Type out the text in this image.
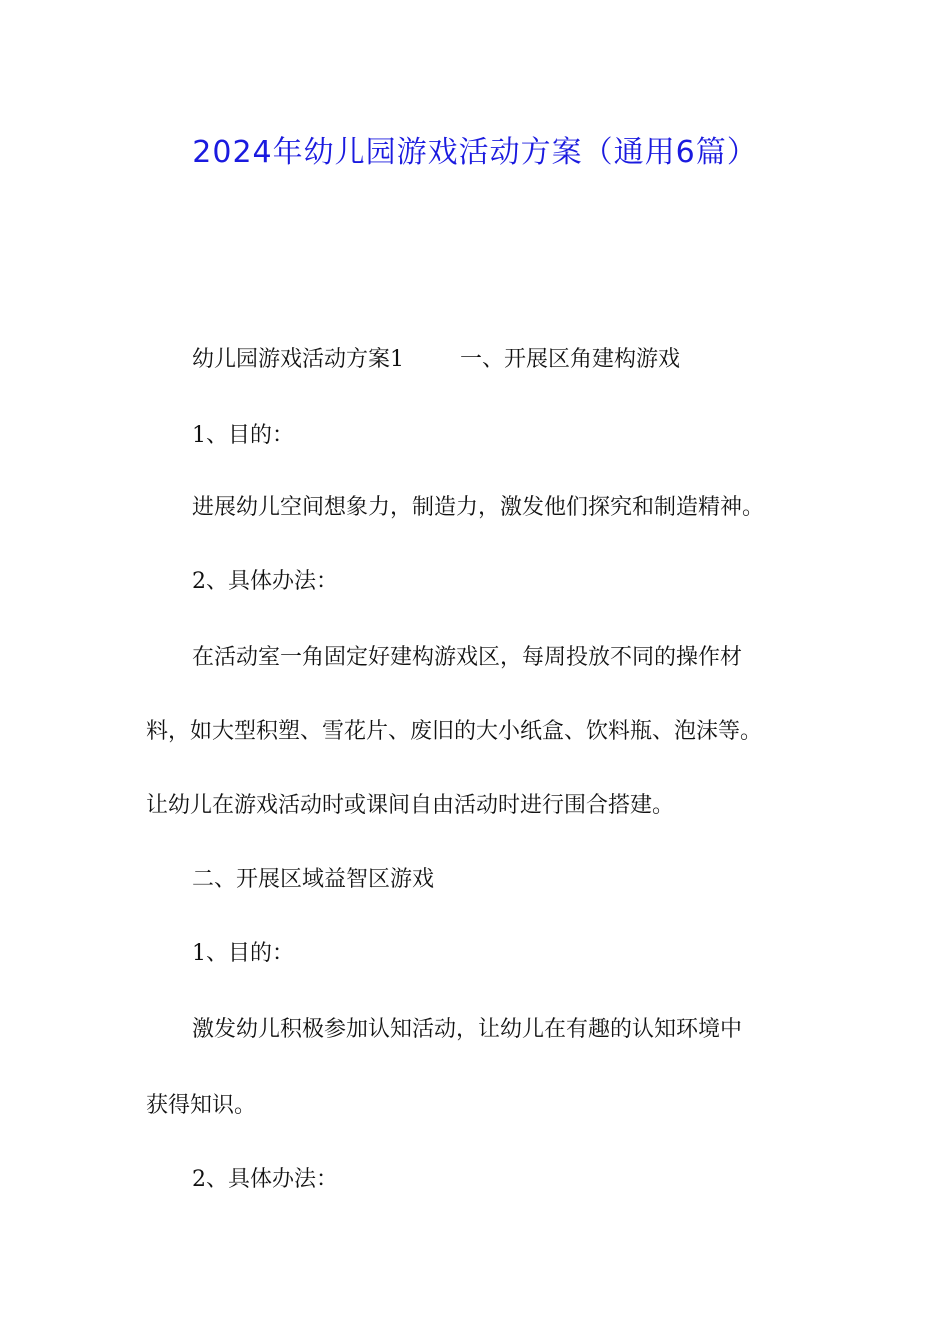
2024年幼儿园游戏活动方案（通用6篇）
幼儿园游戏活动方案1	一、开展区角建构游戏
1、目的：
进展幼儿空间想象力，制造力，激发他们探究和制造精神。
2、具体办法：
在活动室一角固定好建构游戏区，每周投放不同的操作材
料，如大型积塑、雪花片、废旧的大小纸盒、饮料瓶、泡沫等。
让幼儿在游戏活动时或课间自由活动时进行围合搭建。
二、开展区域益智区游戏
1、目的：
激发幼儿积极参加认知活动，让幼儿在有趣的认知环境中
获得知识。
2、具体办法：
